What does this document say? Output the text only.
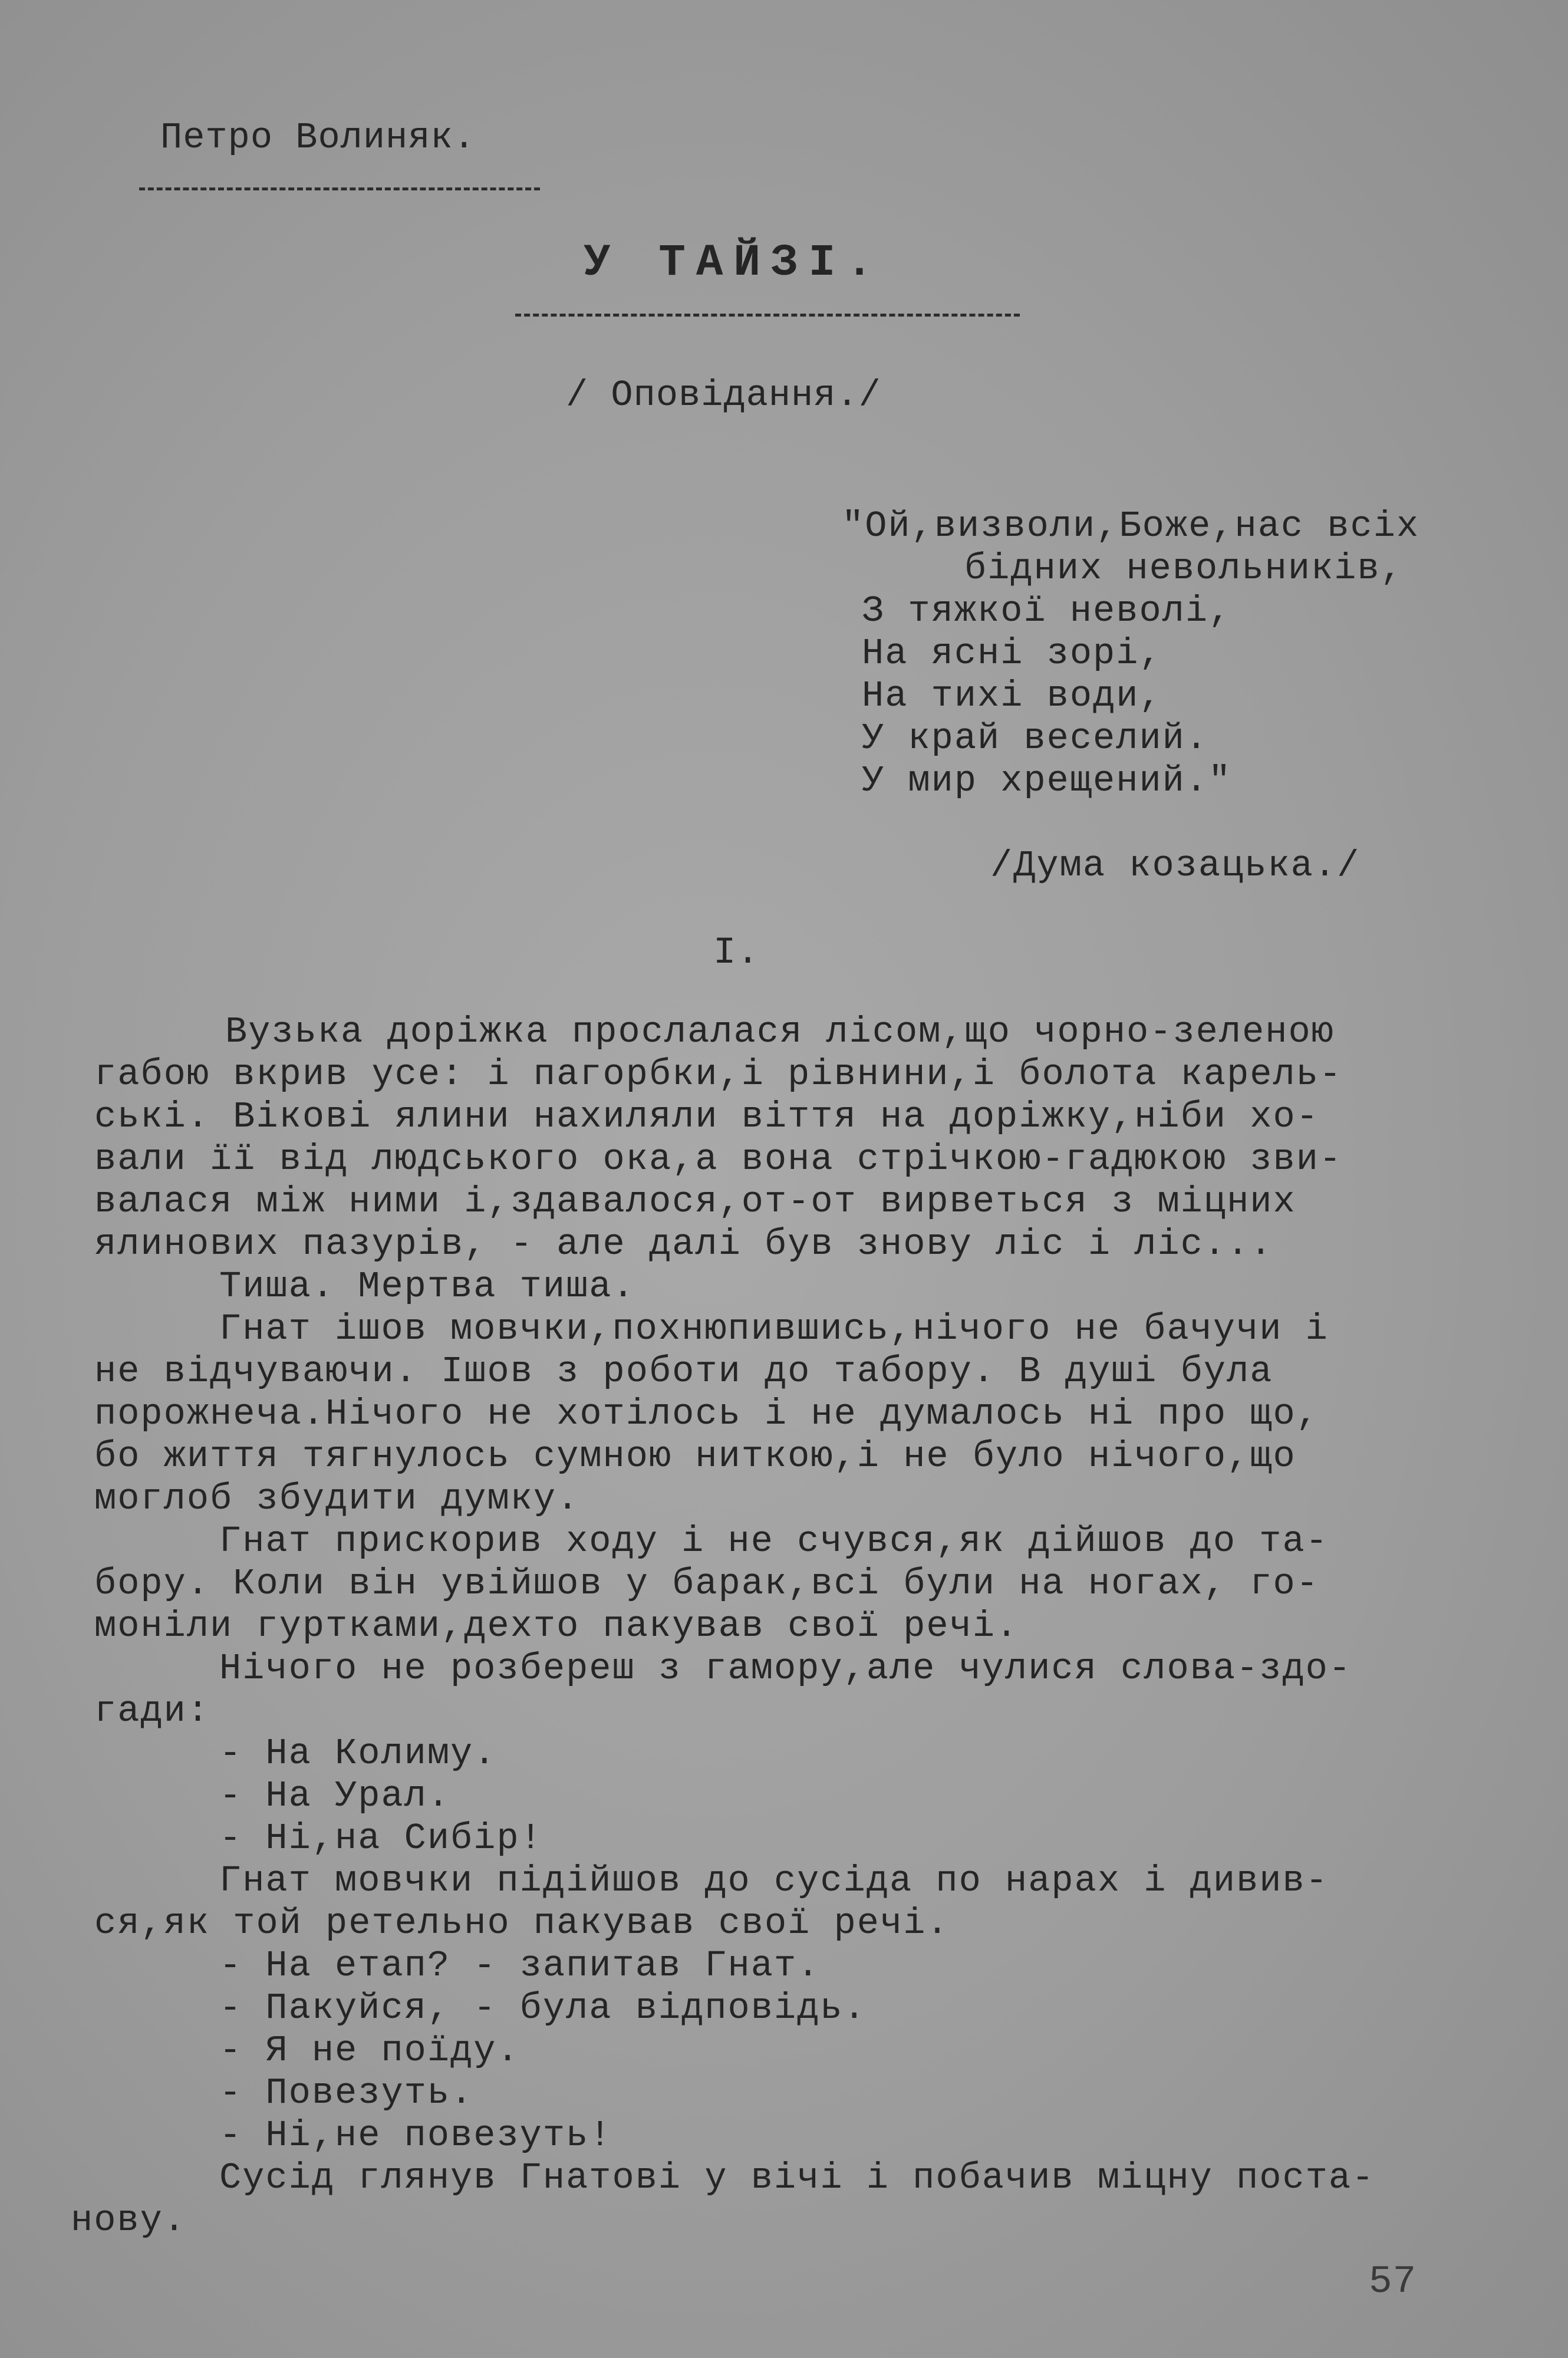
Петро Волиняк.
У ТАЙЗІ.
/ Оповідання./
"Ой,визволи,Боже,нас всіх
бідних невольників,
З тяжкої неволі,
На ясні зорі,
На тихі води,
У край веселий.
У мир хрещений."
/Дума козацька./
I.
Вузька доріжка прослалася лісом,що чорно-зеленою
габою вкрив усе: і пагорбки,і рівнини,і болота карель-
ські. Вікові ялини нахиляли віття на доріжку,ніби хо-
вали її від людського ока,а вона стрічкою-гадюкою зви-
валася між ними і,здавалося,от-от вирветься з міцних
ялинових пазурів, - але далі був знову ліс і ліс...
Тиша. Мертва тиша.
Гнат ішов мовчки,похнюпившись,нічого не бачучи і
не відчуваючи. Ішов з роботи до табору. В душі була
порожнеча.Нічого не хотілось і не думалось ні про що,
бо життя тягнулось сумною ниткою,і не було нічого,що
моглоб збудити думку.
Гнат прискорив ходу і не счувся,як дійшов до та-
бору. Коли він увійшов у барак,всі були на ногах, го-
моніли гуртками,дехто пакував свої речі.
Нічого не розбереш з гамору,але чулися слова-здо-
гади:
- На Колиму.
- На Урал.
- Ні,на Сибір!
Гнат мовчки підійшов до сусіда по нарах і дивив-
ся,як той ретельно пакував свої речі.
- На етап? - запитав Гнат.
- Пакуйся, - була відповідь.
- Я не поїду.
- Повезуть.
- Ні,не повезуть!
Сусід глянув Гнатові у вічі і побачив міцну поста-
нову.
57
